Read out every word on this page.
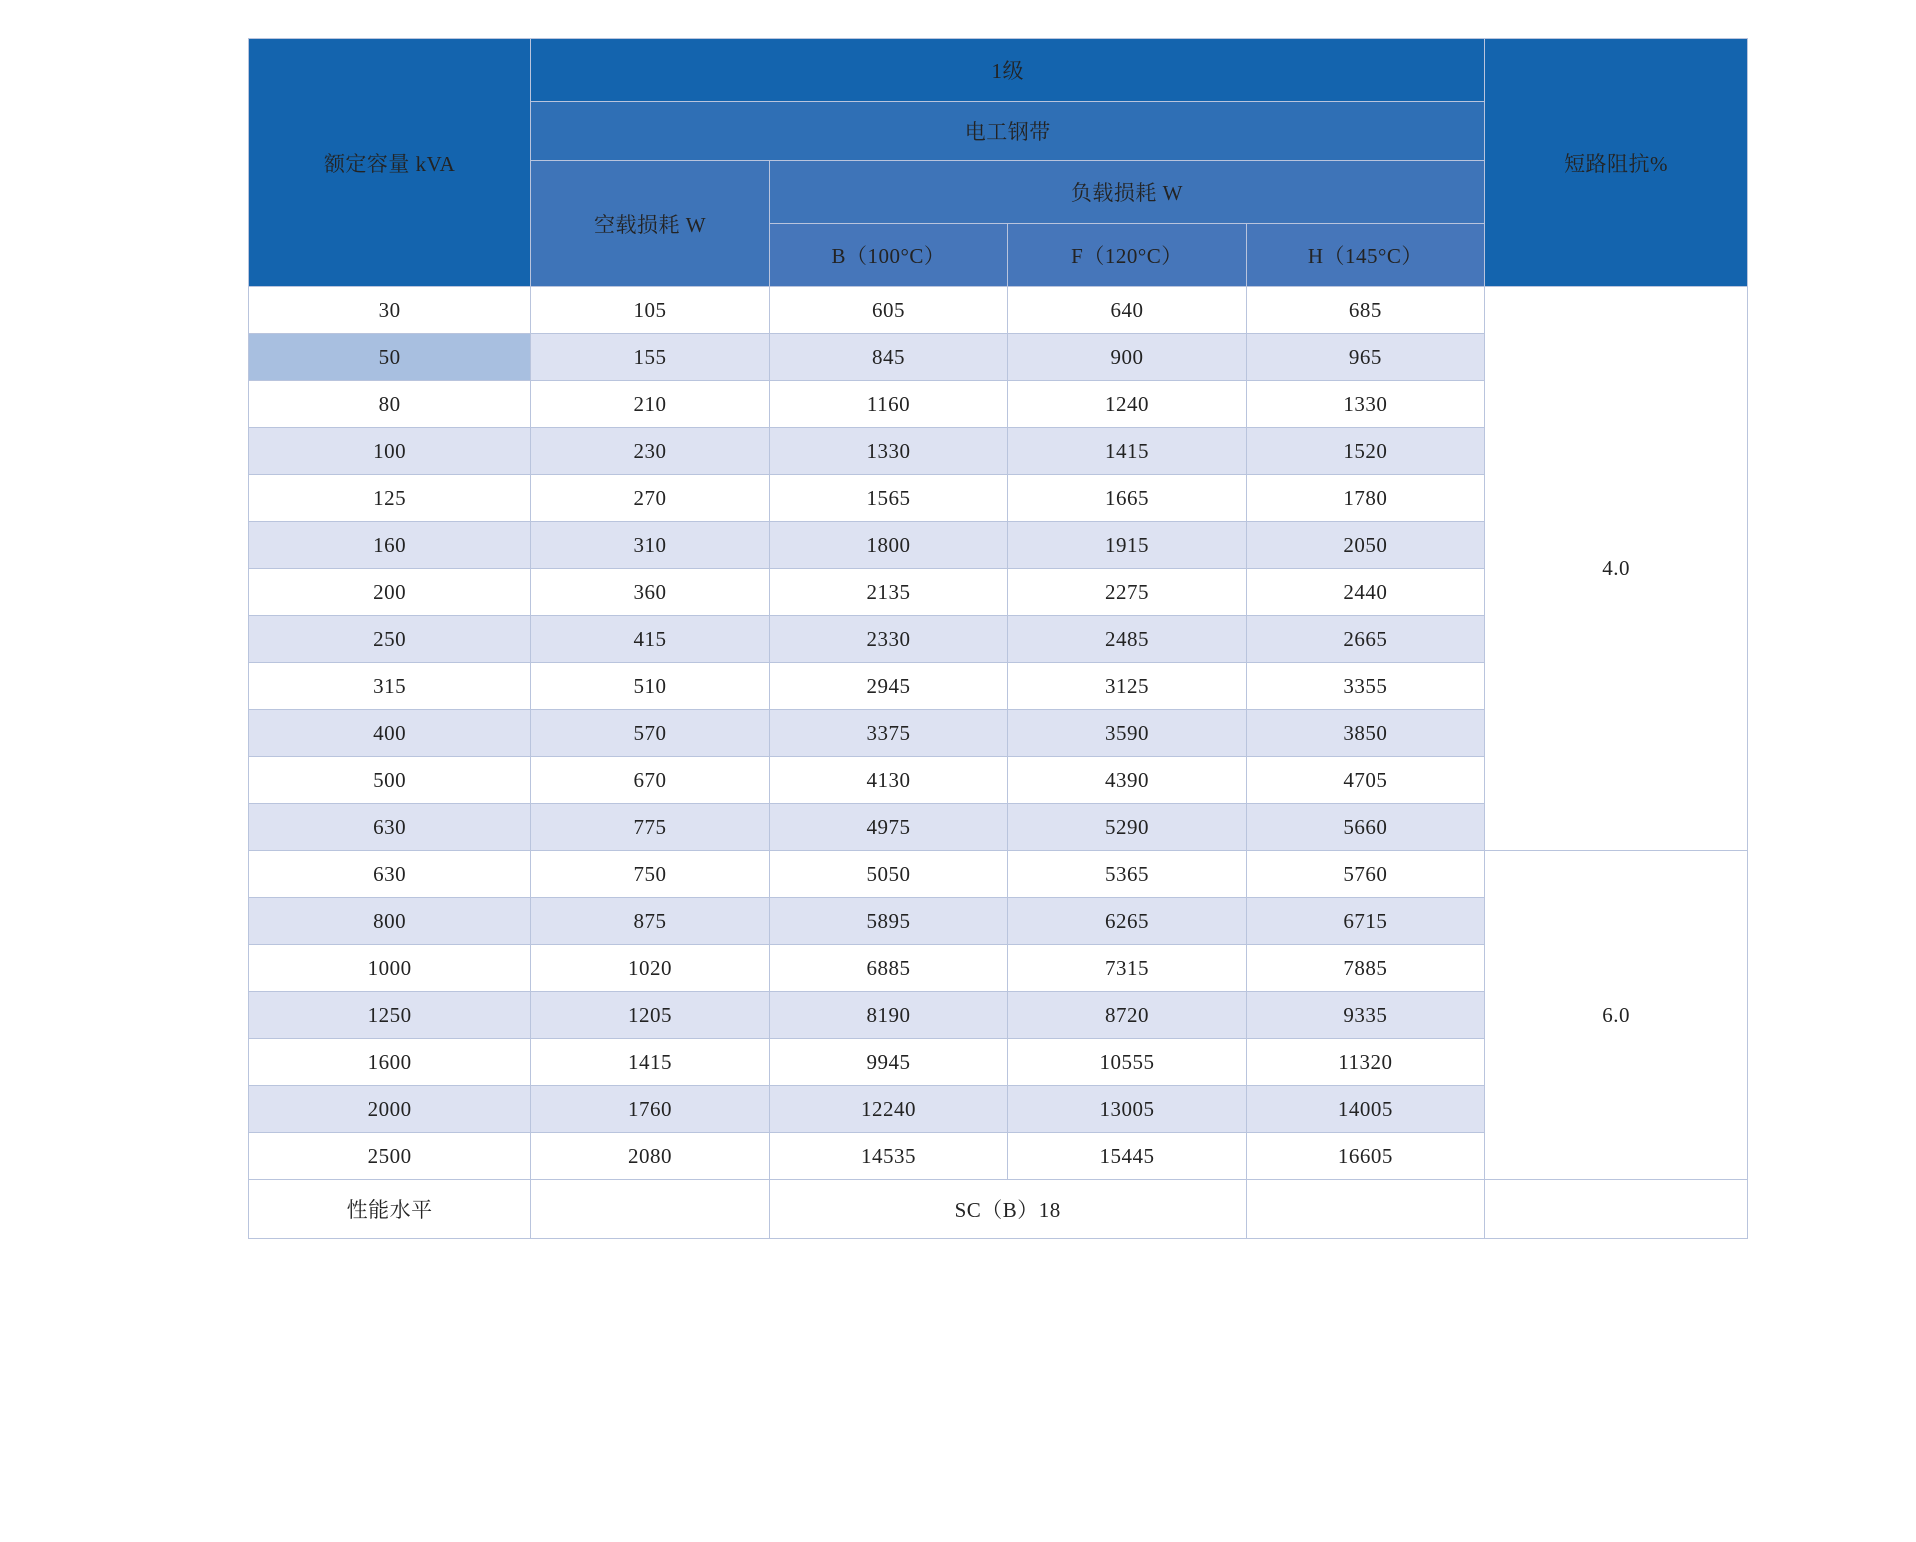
额定容量 kVA	1级				短路阻抗%
	电工钢带				
	空载损耗 W	负载损耗 W			
		B（100°C）	F（120°C）	H（145°C）	
30	105	605	640	685	4.0
50	155	845	900	965	
80	210	1160	1240	1330	
100	230	1330	1415	1520	
125	270	1565	1665	1780	
160	310	1800	1915	2050	
200	360	2135	2275	2440	
250	415	2330	2485	2665	
315	510	2945	3125	3355	
400	570	3375	3590	3850	
500	670	4130	4390	4705	
630	775	4975	5290	5660	
630	750	5050	5365	5760	6.0
800	875	5895	6265	6715	
1000	1020	6885	7315	7885	
1250	1205	8190	8720	9335	
1600	1415	9945	10555	11320	
2000	1760	12240	13005	14005	
2500	2080	14535	15445	16605	
性能水平		SC（B）18			
